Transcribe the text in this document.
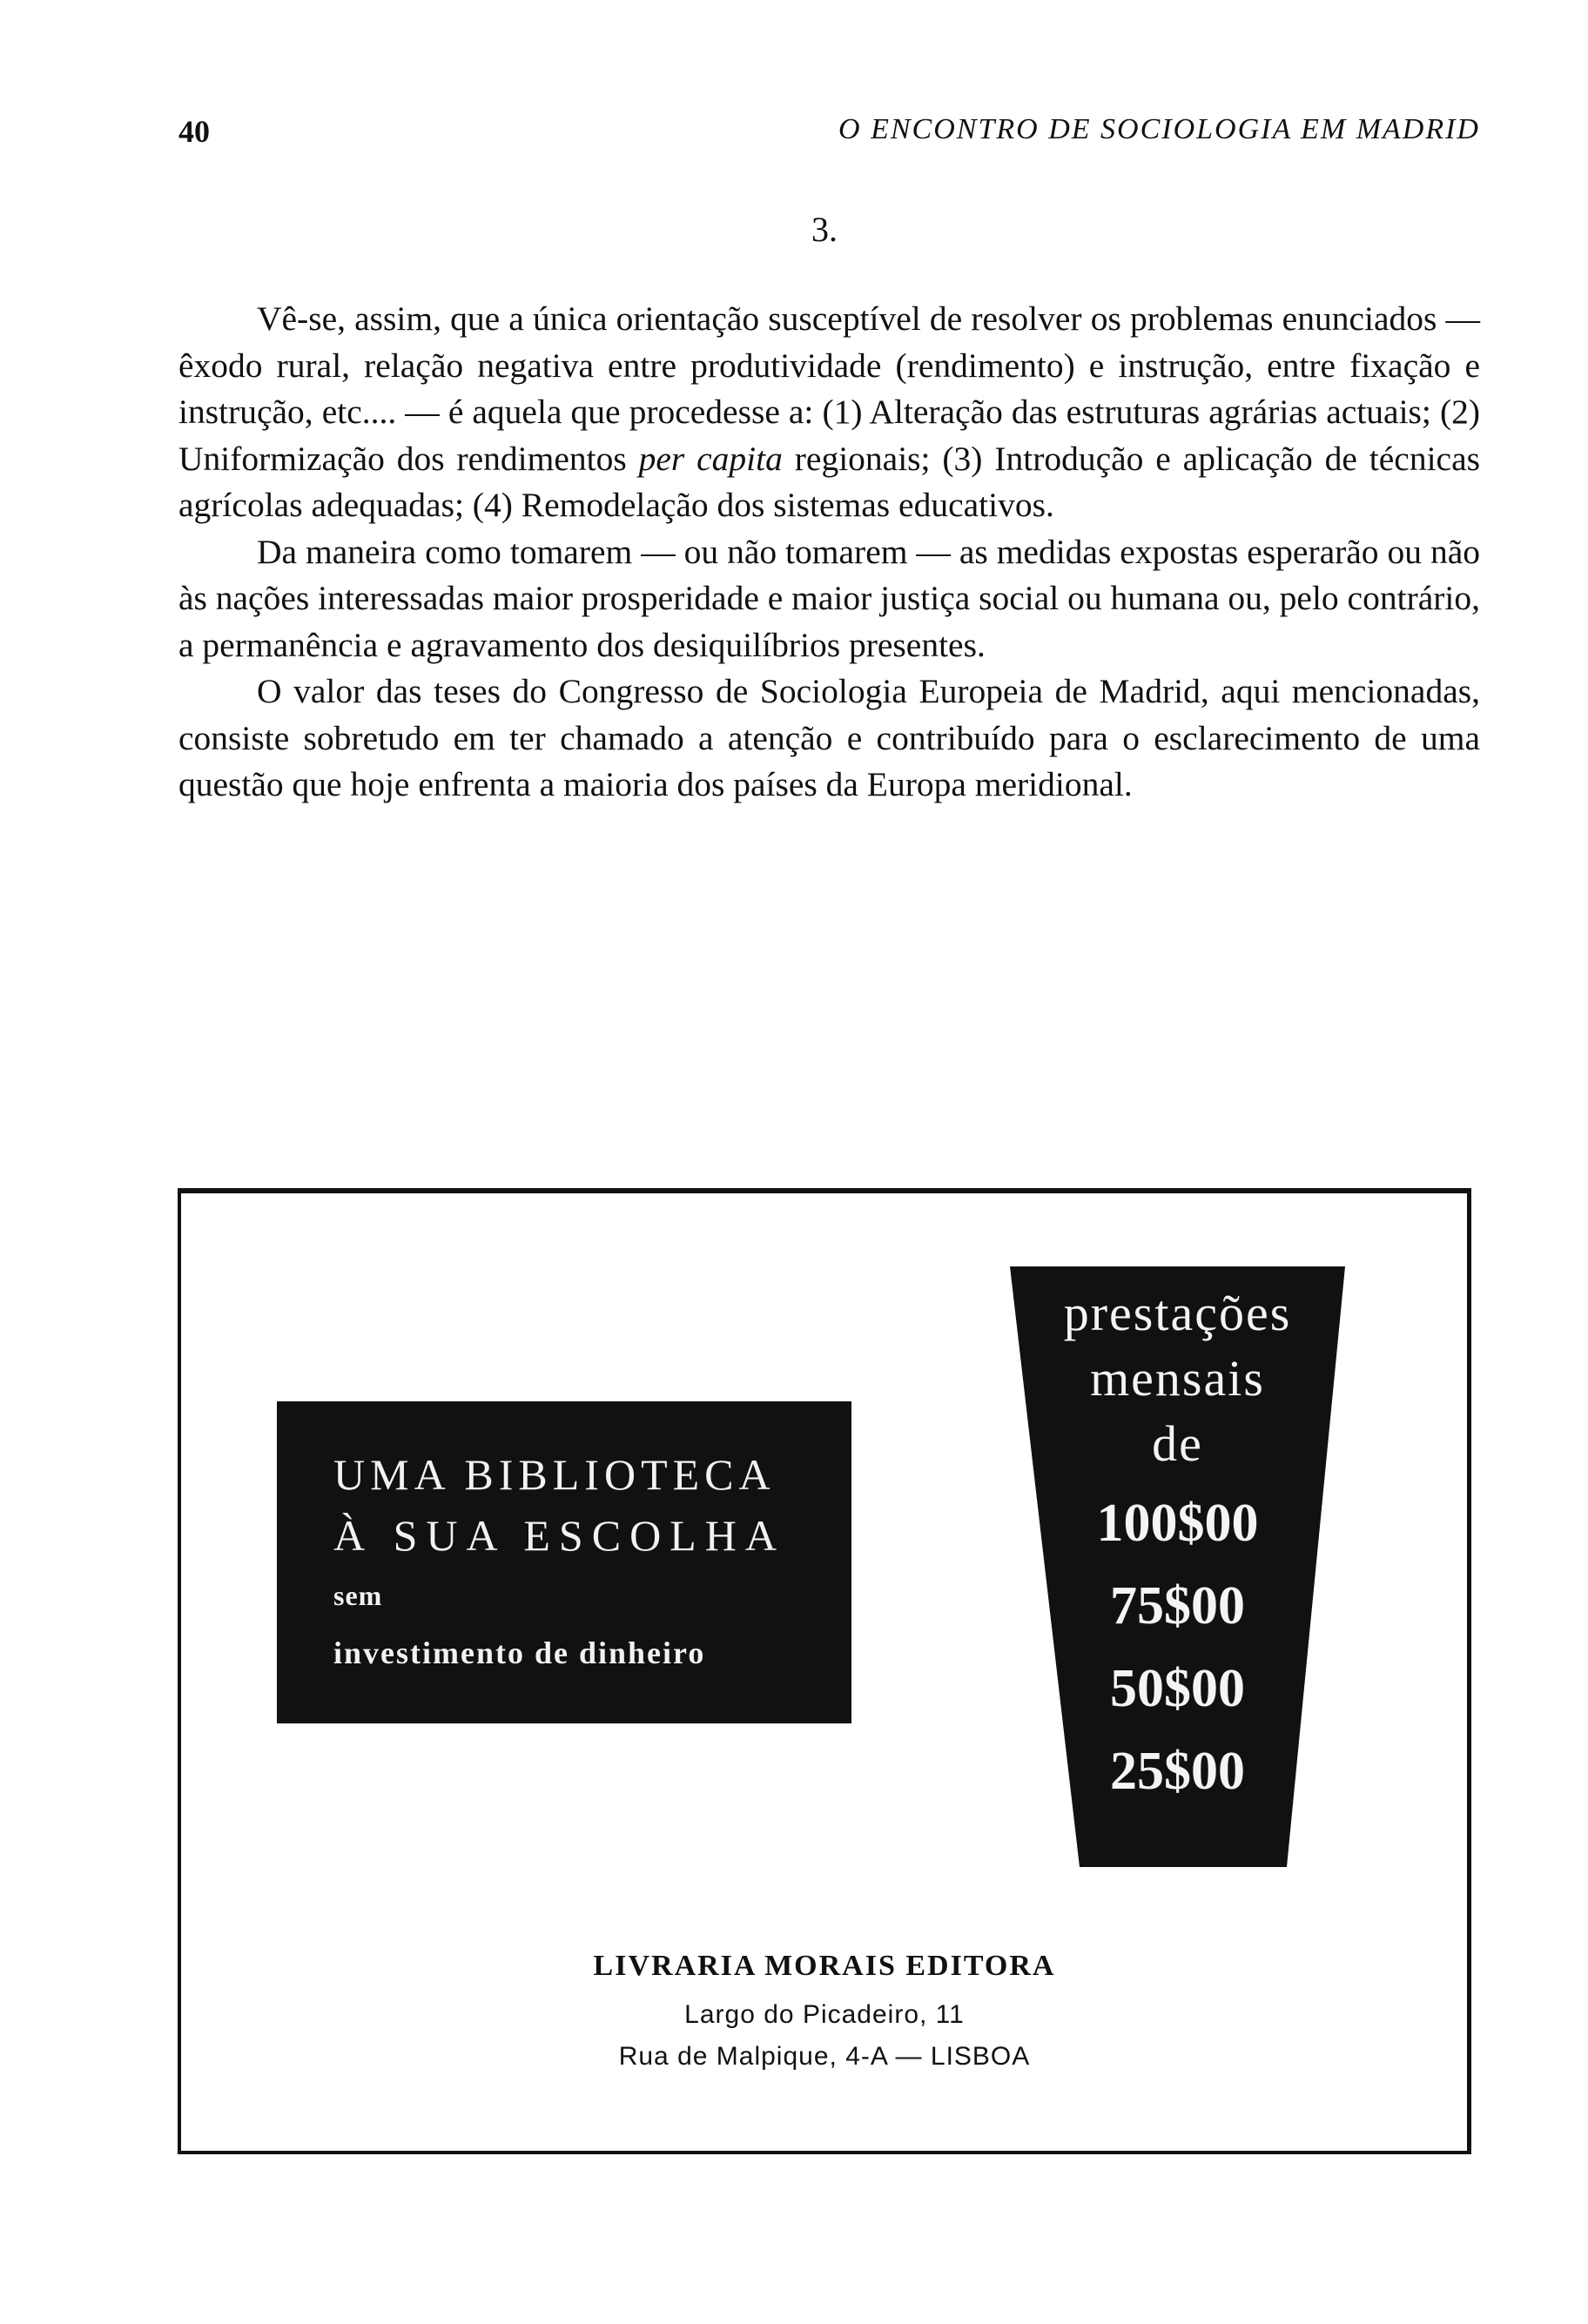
40	O ENCONTRO DE SOCIOLOGIA EM MADRID
3.

Vê-se, assim, que a única orientação susceptível de resolver os problemas enunciados — êxodo rural, relação negativa entre produtividade (rendimento) e instrução, entre fixação e instrução, etc.... — é aquela que procedesse a: (1) Alteração das estruturas agrárias actuais; (2) Uniformização dos rendimentos per capita regionais; (3) Introdução e aplicação de técnicas agrícolas adequadas; (4) Remodelação dos sistemas educativos.

Da maneira como tomarem — ou não tomarem — as medidas expostas esperarão ou não às nações interessadas maior prosperidade e maior justiça social ou humana ou, pelo contrário, a permanência e agravamento dos desiquilíbrios presentes.

O valor das teses do Congresso de Sociologia Europeia de Madrid, aqui mencionadas, consiste sobretudo em ter chamado a atenção e contribuído para o esclarecimento de uma questão que hoje enfrenta a maioria dos países da Europa meridional.

UMA BIBLIOTECA
À SUA ESCOLHA
sem
investimento de dinheiro
prestações
mensais
de
100$00
75$00
50$00
25$00
LIVRARIA MORAIS EDITORA
Largo do Picadeiro, 11
Rua de Malpique, 4-A — LISBOA
